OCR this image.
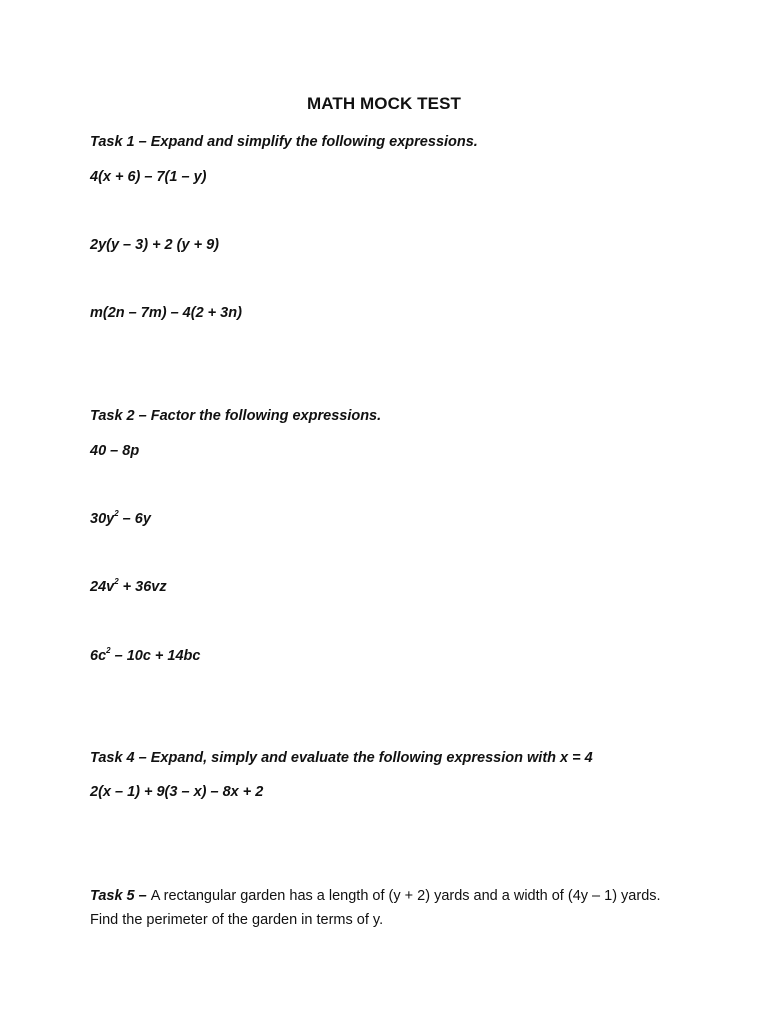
MATH MOCK TEST
Task 1 – Expand and simplify the following expressions.
4(x + 6) – 7(1 – y)
2y(y – 3) + 2 (y + 9)
m(2n – 7m) – 4(2 + 3n)
Task 2 – Factor the following expressions.
40 – 8p
$30y^2 - 6y$
$24v^2 + 36vz$
$6c^2 - 10c + 14bc$
Task 4 – Expand, simply and evaluate the following expression with x = 4
2(x – 1) + 9(3 – x) – 8x + 2
Task 5 – A rectangular garden has a length of (y + 2) yards and a width of (4y – 1) yards. Find the perimeter of the garden in terms of y.
